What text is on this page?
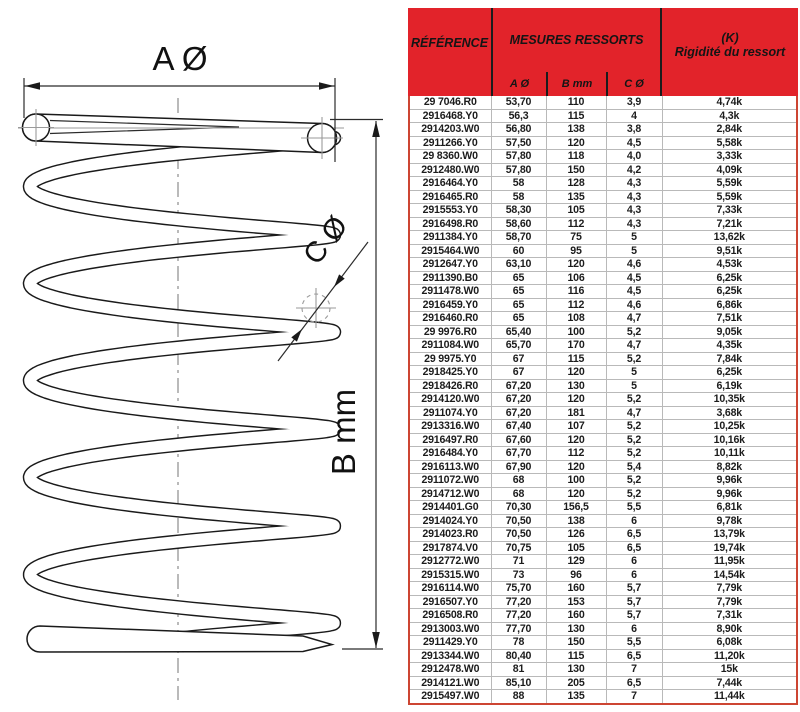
A Ø
B mm
C Ø
RÉFÉRENCE	MESURES RESSORTS
A Ø	B mm	C Ø
(K)
Rigidité du ressort
29 7046.R0	53,70	110	3,9	4,74k
2916468.Y0	56,3	115	4	4,3k
2914203.W0	56,80	138	3,8	2,84k
2911266.Y0	57,50	120	4,5	5,58k
29 8360.W0	57,80	118	4,0	3,33k
2912480.W0	57,80	150	4,2	4,09k
2916464.Y0	58	128	4,3	5,59k
2916465.R0	58	135	4,3	5,59k
2915553.Y0	58,30	105	4,3	7,33k
2916498.R0	58,60	112	4,3	7,21k
2911384.Y0	58,70	75	5	13,62k
2915464.W0	60	95	5	9,51k
2912647.Y0	63,10	120	4,6	4,53k
2911390.B0	65	106	4,5	6,25k
2911478.W0	65	116	4,5	6,25k
2916459.Y0	65	112	4,6	6,86k
2916460.R0	65	108	4,7	7,51k
29 9976.R0	65,40	100	5,2	9,05k
2911084.W0	65,70	170	4,7	4,35k
29 9975.Y0	67	115	5,2	7,84k
2918425.Y0	67	120	5	6,25k
2918426.R0	67,20	130	5	6,19k
2914120.W0	67,20	120	5,2	10,35k
2911074.Y0	67,20	181	4,7	3,68k
2913316.W0	67,40	107	5,2	10,25k
2916497.R0	67,60	120	5,2	10,16k
2916484.Y0	67,70	112	5,2	10,11k
2916113.W0	67,90	120	5,4	8,82k
2911072.W0	68	100	5,2	9,96k
2914712.W0	68	120	5,2	9,96k
2914401.G0	70,30	156,5	5,5	6,81k
2914024.Y0	70,50	138	6	9,78k
2914023.R0	70,50	126	6,5	13,79k
2917874.V0	70,75	105	6,5	19,74k
2912772.W0	71	129	6	11,95k
2915315.W0	73	96	6	14,54k
2916114.W0	75,70	160	5,7	7,79k
2916507.Y0	77,20	153	5,7	7,79k
2916508.R0	77,20	160	5,7	7,31k
2913003.W0	77,70	130	6	8,90k
2911429.Y0	78	150	5,5	6,08k
2913344.W0	80,40	115	6,5	11,20k
2912478.W0	81	130	7	15k
2914121.W0	85,10	205	6,5	7,44k
2915497.W0	88	135	7	11,44k
